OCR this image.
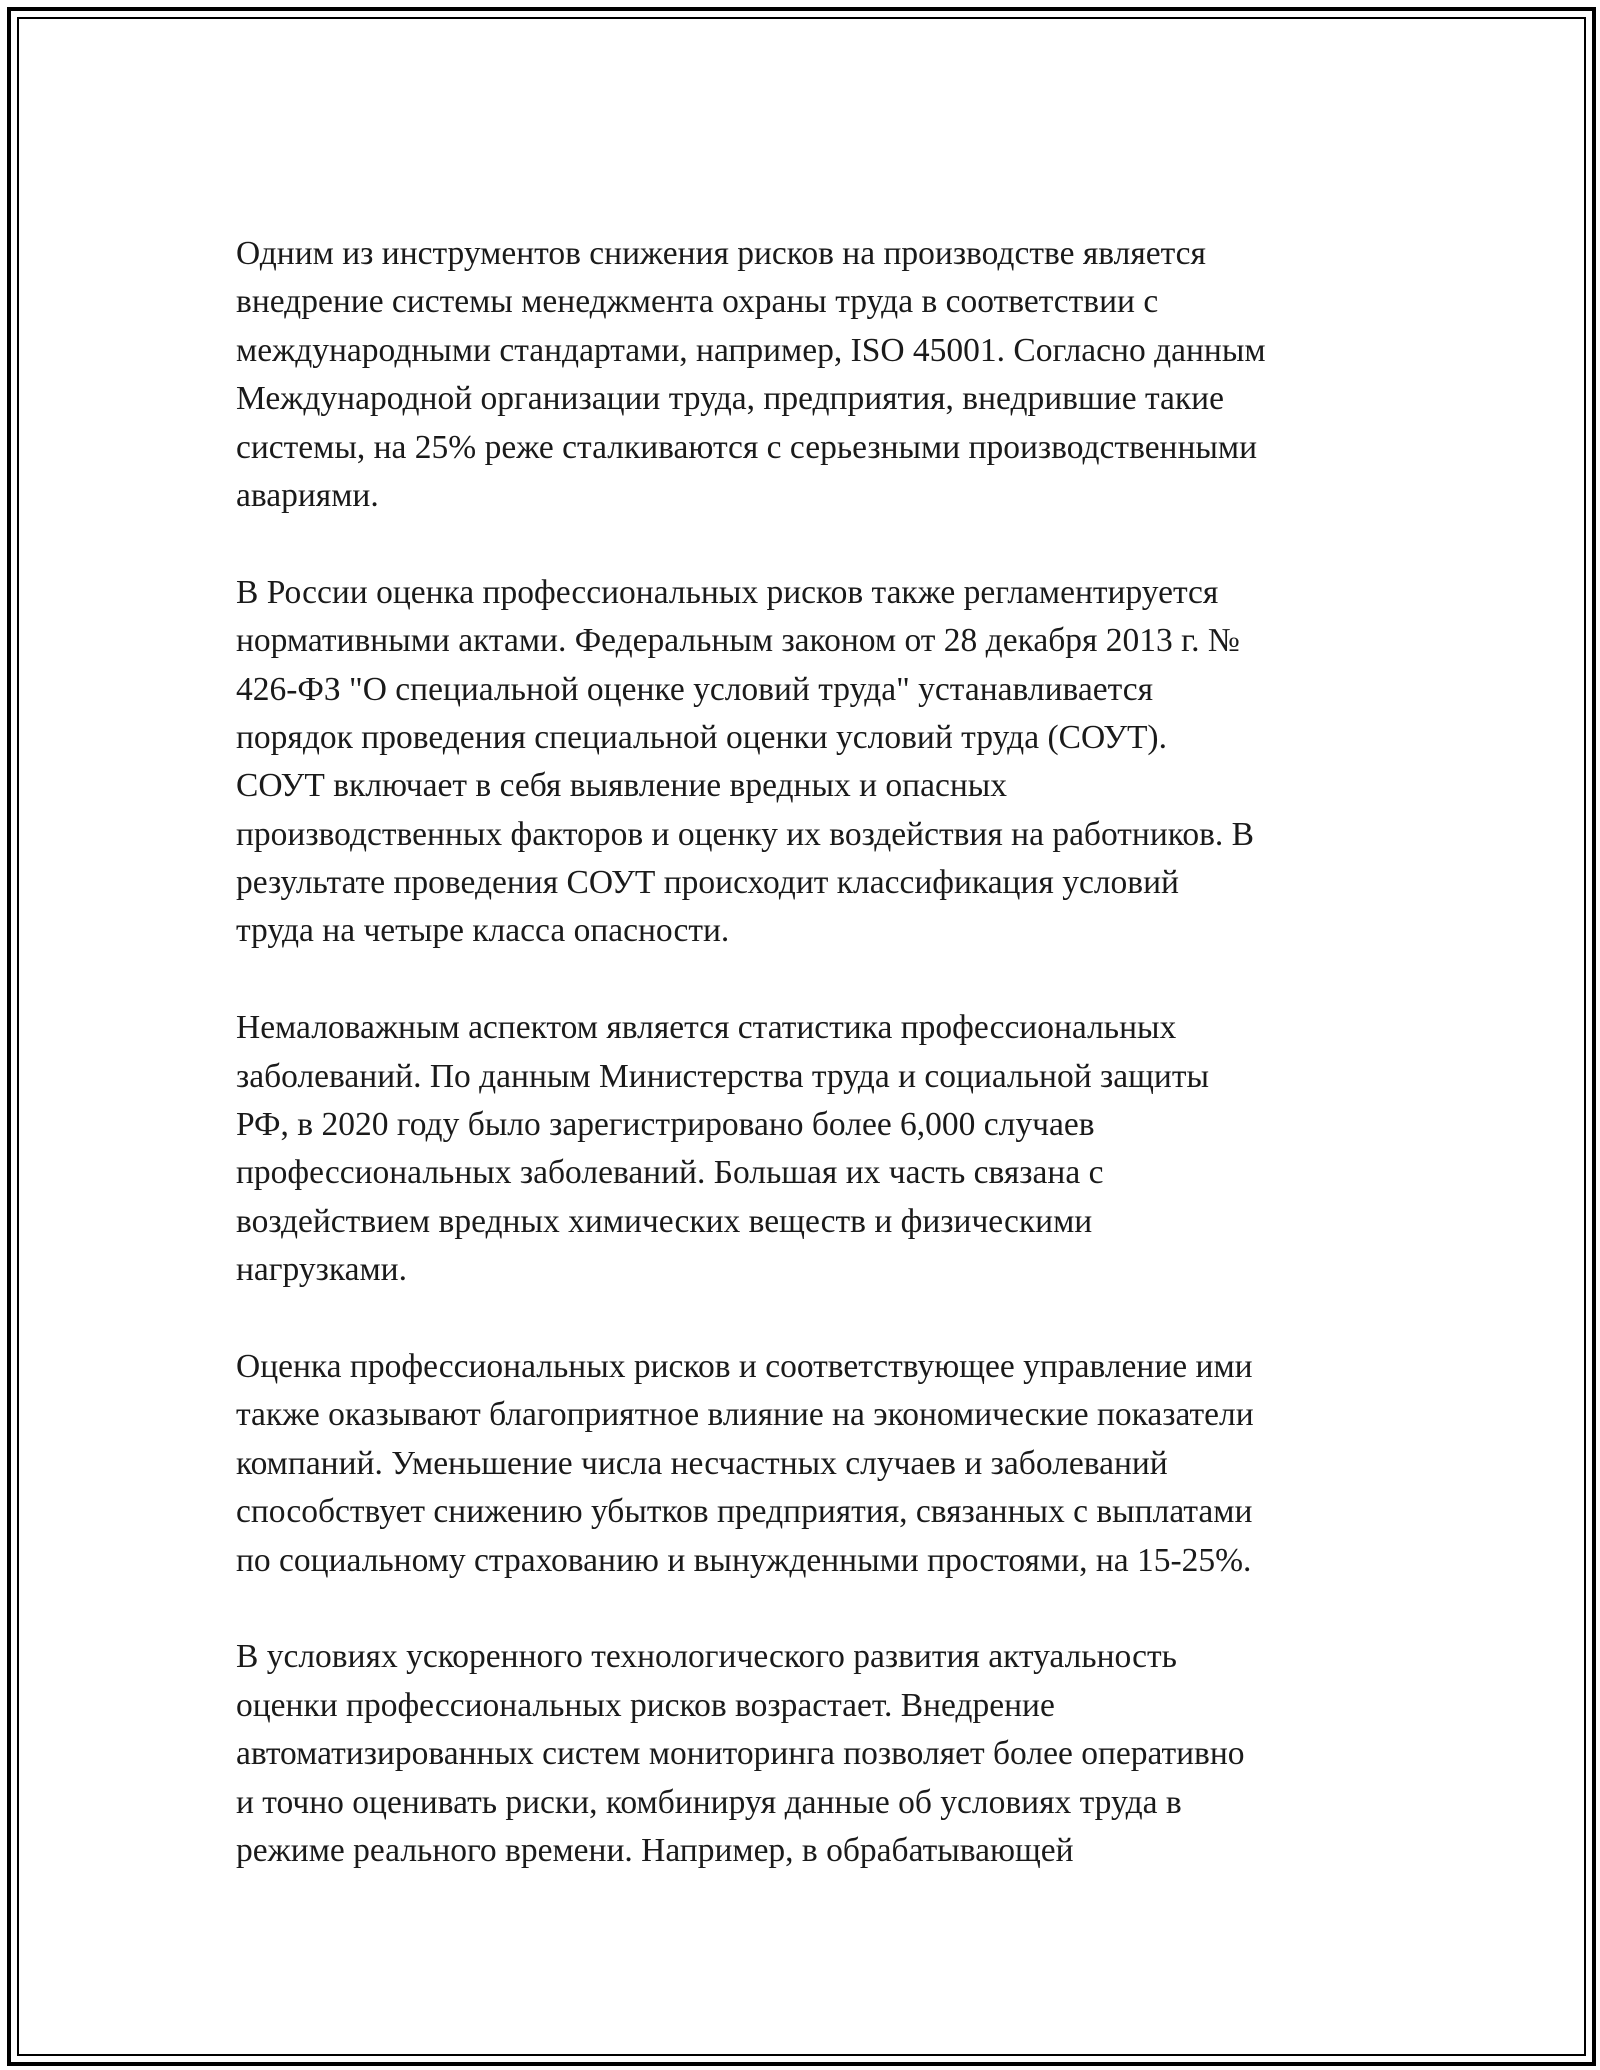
Одним из инструментов снижения рисков на производстве является
внедрение системы менеджмента охраны труда в соответствии с
международными стандартами, например, ISO 45001. Согласно данным
Международной организации труда, предприятия, внедрившие такие
системы, на 25% реже сталкиваются с серьезными производственными
авариями.
В России оценка профессиональных рисков также регламентируется
нормативными актами. Федеральным законом от 28 декабря 2013 г. №
426-ФЗ "О специальной оценке условий труда" устанавливается
порядок проведения специальной оценки условий труда (СОУТ).
СОУТ включает в себя выявление вредных и опасных
производственных факторов и оценку их воздействия на работников. В
результате проведения СОУТ происходит классификация условий
труда на четыре класса опасности.
Немаловажным аспектом является статистика профессиональных
заболеваний. По данным Министерства труда и социальной защиты
РФ, в 2020 году было зарегистрировано более 6,000 случаев
профессиональных заболеваний. Большая их часть связана с
воздействием вредных химических веществ и физическими
нагрузками.
Оценка профессиональных рисков и соответствующее управление ими
также оказывают благоприятное влияние на экономические показатели
компаний. Уменьшение числа несчастных случаев и заболеваний
способствует снижению убытков предприятия, связанных с выплатами
по социальному страхованию и вынужденными простоями, на 15-25%.
В условиях ускоренного технологического развития актуальность
оценки профессиональных рисков возрастает. Внедрение
автоматизированных систем мониторинга позволяет более оперативно
и точно оценивать риски, комбинируя данные об условиях труда в
режиме реального времени. Например, в обрабатывающей
